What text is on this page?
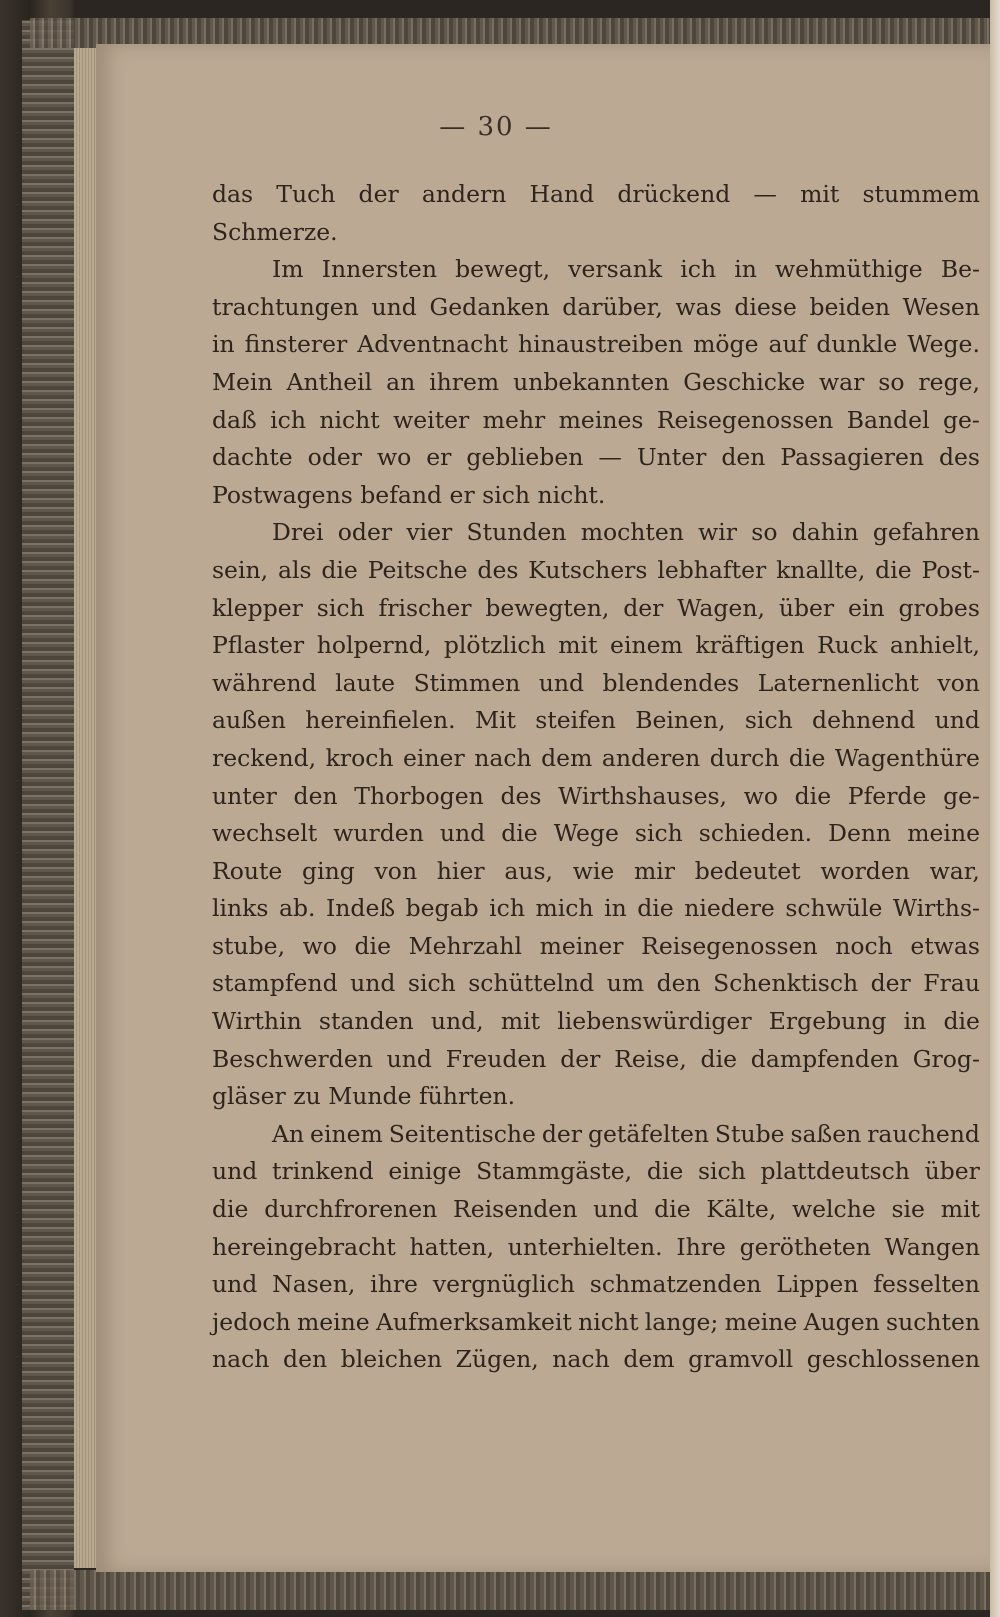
— 30 —
das Tuch der andern Hand drückend — mit stummem
Schmerze.
Im Innersten bewegt, versank ich in wehmüthige Be-
trachtungen und Gedanken darüber, was diese beiden Wesen
in finsterer Adventnacht hinaustreiben möge auf dunkle Wege.
Mein Antheil an ihrem unbekannten Geschicke war so rege,
daß ich nicht weiter mehr meines Reisegenossen Bandel ge-
dachte oder wo er geblieben — Unter den Passagieren des
Postwagens befand er sich nicht.
Drei oder vier Stunden mochten wir so dahin gefahren
sein, als die Peitsche des Kutschers lebhafter knallte, die Post-
klepper sich frischer bewegten, der Wagen, über ein grobes
Pflaster holpernd, plötzlich mit einem kräftigen Ruck anhielt,
während laute Stimmen und blendendes Laternenlicht von
außen hereinfielen. Mit steifen Beinen, sich dehnend und
reckend, kroch einer nach dem anderen durch die Wagenthüre
unter den Thorbogen des Wirthshauses, wo die Pferde ge-
wechselt wurden und die Wege sich schieden. Denn meine
Route ging von hier aus, wie mir bedeutet worden war,
links ab. Indeß begab ich mich in die niedere schwüle Wirths-
stube, wo die Mehrzahl meiner Reisegenossen noch etwas
stampfend und sich schüttelnd um den Schenktisch der Frau
Wirthin standen und, mit liebenswürdiger Ergebung in die
Beschwerden und Freuden der Reise, die dampfenden Grog-
gläser zu Munde führten.
An einem Seitentische der getäfelten Stube saßen rauchend
und trinkend einige Stammgäste, die sich plattdeutsch über
die durchfrorenen Reisenden und die Kälte, welche sie mit
hereingebracht hatten, unterhielten. Ihre gerötheten Wangen
und Nasen, ihre vergnüglich schmatzenden Lippen fesselten
jedoch meine Aufmerksamkeit nicht lange; meine Augen suchten
nach den bleichen Zügen, nach dem gramvoll geschlossenen
